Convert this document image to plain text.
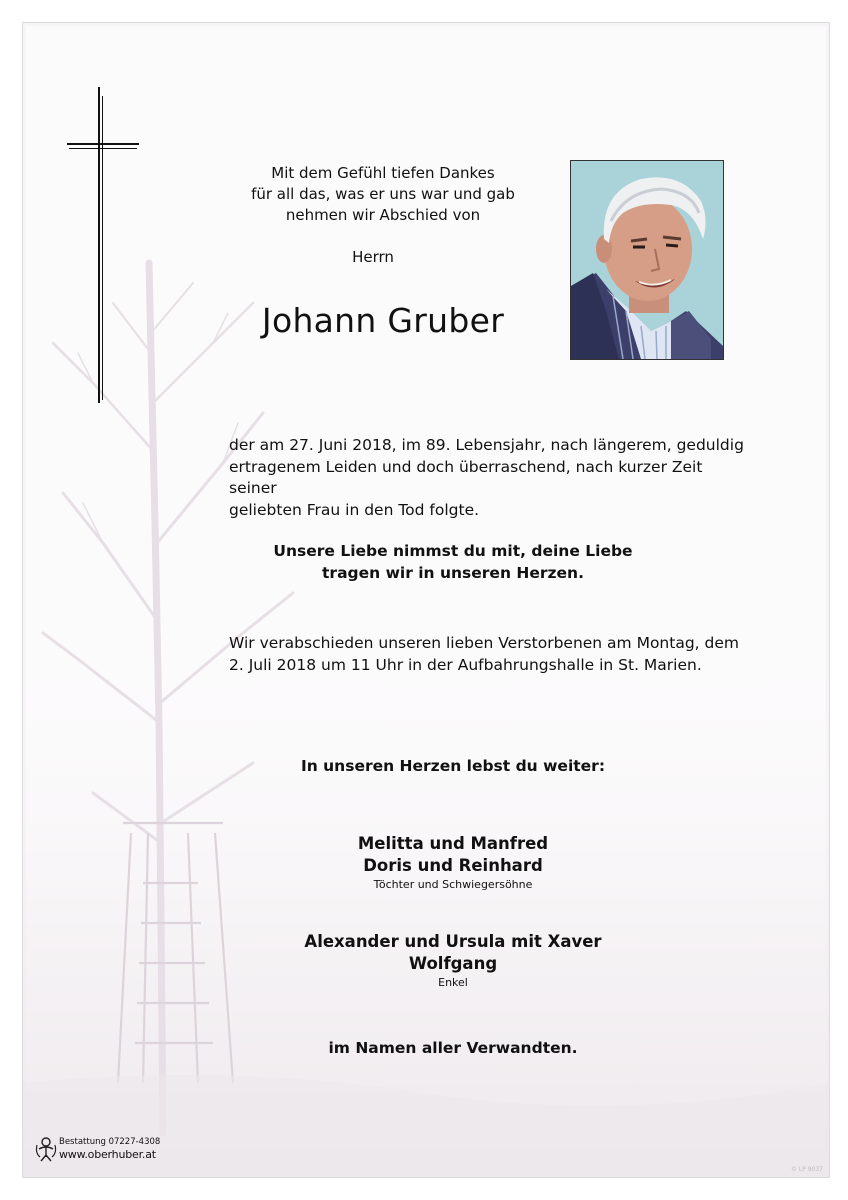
Mit dem Gefühl tiefen Dankes
für all das, was er uns war und gab
nehmen wir Abschied von
Herrn
Johann Gruber
der am 27. Juni 2018, im 89. Lebensjahr, nach längerem, geduldig
ertragenem Leiden und doch überraschend, nach kurzer Zeit seiner
geliebten Frau in den Tod folgte.
Unsere Liebe nimmst du mit, deine Liebe
tragen wir in unseren Herzen.
Wir verabschieden unseren lieben Verstorbenen am Montag, dem
2. Juli 2018 um 11 Uhr in der Aufbahrungshalle in St. Marien.
In unseren Herzen lebst du weiter:
Melitta und Manfred
Doris und Reinhard
Töchter und Schwiegersöhne
Alexander und Ursula mit Xaver
Wolfgang
Enkel
im Namen aller Verwandten.
Bestattung 07227-4308
www.oberhuber.at
© LP 9037
